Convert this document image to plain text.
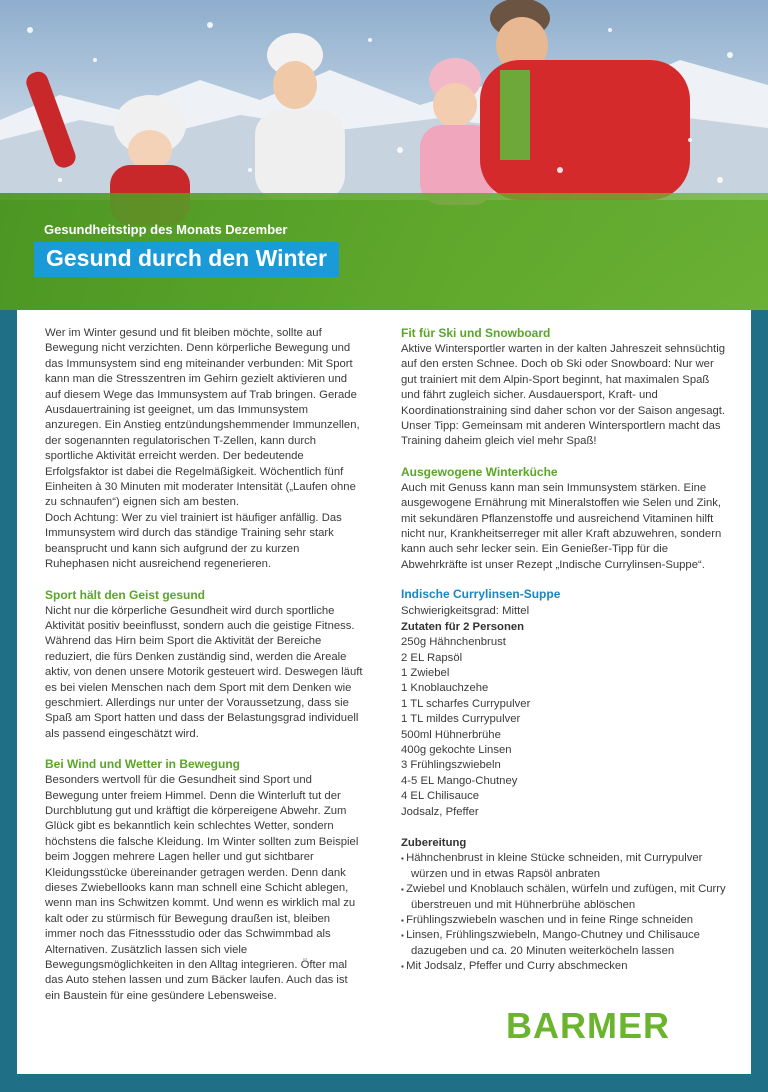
Gesundheitstipp des Monats Dezember
Gesund durch den Winter

Wer im Winter gesund und fit bleiben möchte, sollte auf Bewegung nicht verzichten. Denn körperliche Bewegung und das Immunsystem sind eng miteinander verbunden: Mit Sport kann man die Stresszentren im Gehirn gezielt aktivieren und auf diesem Wege das Immunsystem auf Trab bringen. Gerade Ausdauertraining ist geeignet, um das Immunsystem anzuregen. Ein Anstieg entzündungshemmender Immunzellen, der sogenannten regulatorischen T-Zellen, kann durch sportliche Aktivität erreicht werden. Der bedeutende Erfolgsfaktor ist dabei die Regelmäßigkeit. Wöchentlich fünf Einheiten à 30 Minuten mit moderater Intensität („Laufen ohne zu schnaufen“) eignen sich am besten.

Doch Achtung: Wer zu viel trainiert ist häufiger anfällig. Das Immunsystem wird durch das ständige Training sehr stark beansprucht und kann sich aufgrund der zu kurzen Ruhephasen nicht ausreichend regenerieren.

Sport hält den Geist gesund

Nicht nur die körperliche Gesundheit wird durch sportliche Aktivität positiv beeinflusst, sondern auch die geistige Fitness. Während das Hirn beim Sport die Aktivität der Bereiche reduziert, die fürs Denken zuständig sind, werden die Areale aktiv, von denen unsere Motorik gesteuert wird. Deswegen läuft es bei vielen Menschen nach dem Sport mit dem Denken wie geschmiert. Allerdings nur unter der Voraussetzung, dass sie Spaß am Sport hatten und dass der Belastungsgrad individuell als passend eingeschätzt wird.

Bei Wind und Wetter in Bewegung

Besonders wertvoll für die Gesundheit sind Sport und Bewegung unter freiem Himmel. Denn die Winterluft tut der Durchblutung gut und kräftigt die körpereigene Abwehr. Zum Glück gibt es bekanntlich kein schlechtes Wetter, sondern höchstens die falsche Kleidung. Im Winter sollten zum Beispiel beim Joggen mehrere Lagen heller und gut sichtbarer Kleidungsstücke übereinander getragen werden. Denn dank dieses Zwiebellooks kann man schnell eine Schicht ablegen, wenn man ins Schwitzen kommt. Und wenn es wirklich mal zu kalt oder zu stürmisch für Bewegung draußen ist, bleiben immer noch das Fitnessstudio oder das Schwimmbad als Alternativen. Zusätzlich lassen sich viele Bewegungsmöglichkeiten in den Alltag integrieren. Öfter mal das Auto stehen lassen und zum Bäcker laufen. Auch das ist ein Baustein für eine gesündere Lebensweise.

Fit für Ski und Snowboard

Aktive Wintersportler warten in der kalten Jahreszeit sehnsüchtig auf den ersten Schnee. Doch ob Ski oder Snowboard: Nur wer gut trainiert mit dem Alpin-Sport beginnt, hat maximalen Spaß und fährt zugleich sicher. Ausdauersport, Kraft- und Koordinationstraining sind daher schon vor der Saison angesagt. Unser Tipp: Gemeinsam mit anderen Wintersportlern macht das Training daheim gleich viel mehr Spaß!

Ausgewogene Winterküche

Auch mit Genuss kann man sein Immunsystem stärken. Eine ausgewogene Ernährung mit Mineralstoffen wie Selen und Zink, mit sekundären Pflanzenstoffe und ausreichend Vitaminen hilft nicht nur, Krankheitserreger mit aller Kraft abzuwehren, sondern kann auch sehr lecker sein. Ein Genießer-Tipp für die Abwehrkräfte ist unser Rezept „Indische Currylinsen-Suppe“.

Indische Currylinsen-Suppe

Schwierigkeitsgrad: Mittel

Zutaten für 2 Personen

250g Hähnchenbrust

2 EL Rapsöl

1 Zwiebel

1 Knoblauchzehe

1 TL scharfes Currypulver

1 TL mildes Currypulver

500ml Hühnerbrühe

400g gekochte Linsen

3 Frühlingszwiebeln

4-5 EL Mango-Chutney

4 EL Chilisauce

Jodsalz, Pfeffer

Zubereitung

▪ Hähnchenbrust in kleine Stücke schneiden, mit Currypulver würzen und in etwas Rapsöl anbraten
▪ Zwiebel und Knoblauch schälen, würfeln und zufügen, mit Curry überstreuen und mit Hühnerbrühe ablöschen
▪ Frühlingszwiebeln waschen und in feine Ringe schneiden
▪ Linsen, Frühlingszwiebeln, Mango-Chutney und Chilisauce dazugeben und ca. 20 Minuten weiterköcheln lassen
▪ Mit Jodsalz, Pfeffer und Curry abschmecken
BARMER
